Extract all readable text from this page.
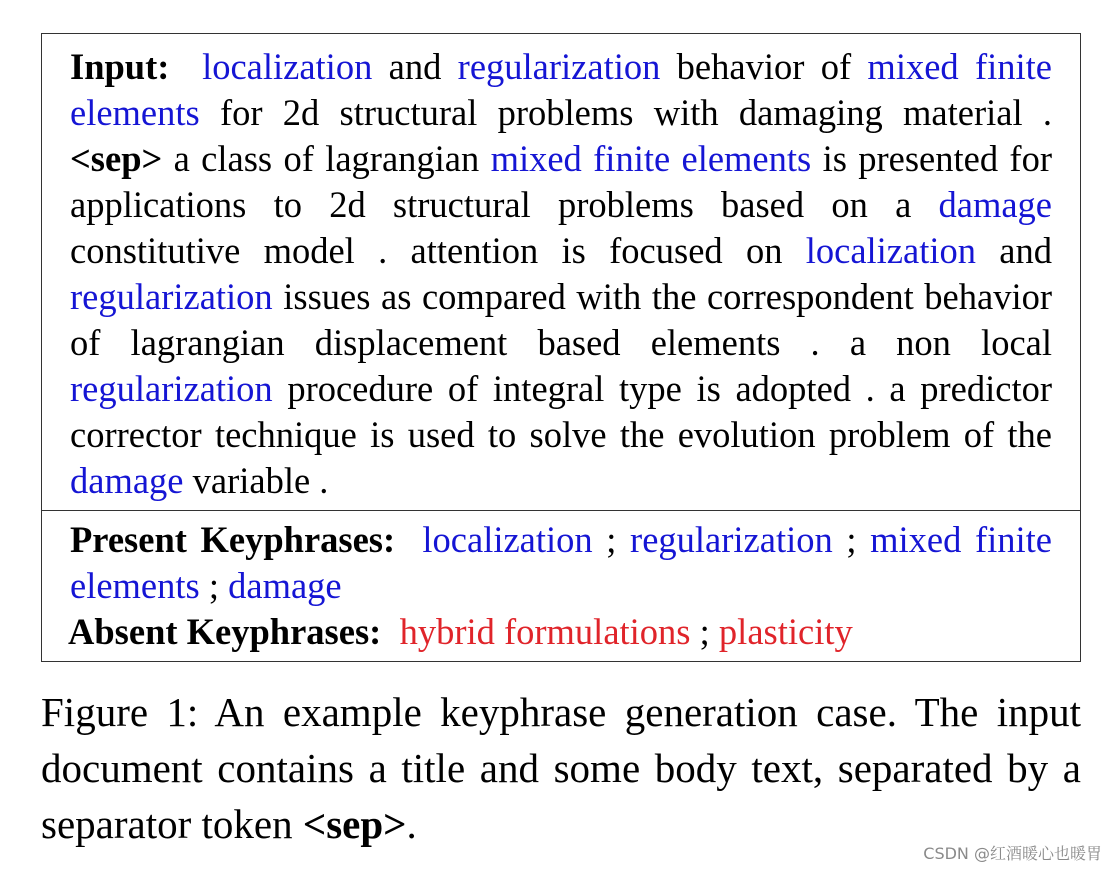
Input: localization and regularization behavior of mixed finite elements for 2d structural problems with damaging material . <sep> a class of lagrangian mixed finite elements is presented for applications to 2d structural problems based on a damage constitutive model . attention is focused on localization and regularization issues as compared with the correspondent behavior of lagrangian displacement based elements . a non local regularization procedure of integral type is adopted . a predictor corrector technique is used to solve the evolution problem of the damage variable .
Present Keyphrases: localization ; regularization ; mixed finite elements ; damage
Absent Keyphrases: hybrid formulations ; plasticity
Figure 1: An example keyphrase generation case. The input document contains a title and some body text, separated by a separator token <sep>.
CSDN @红酒暖心也暖胃
